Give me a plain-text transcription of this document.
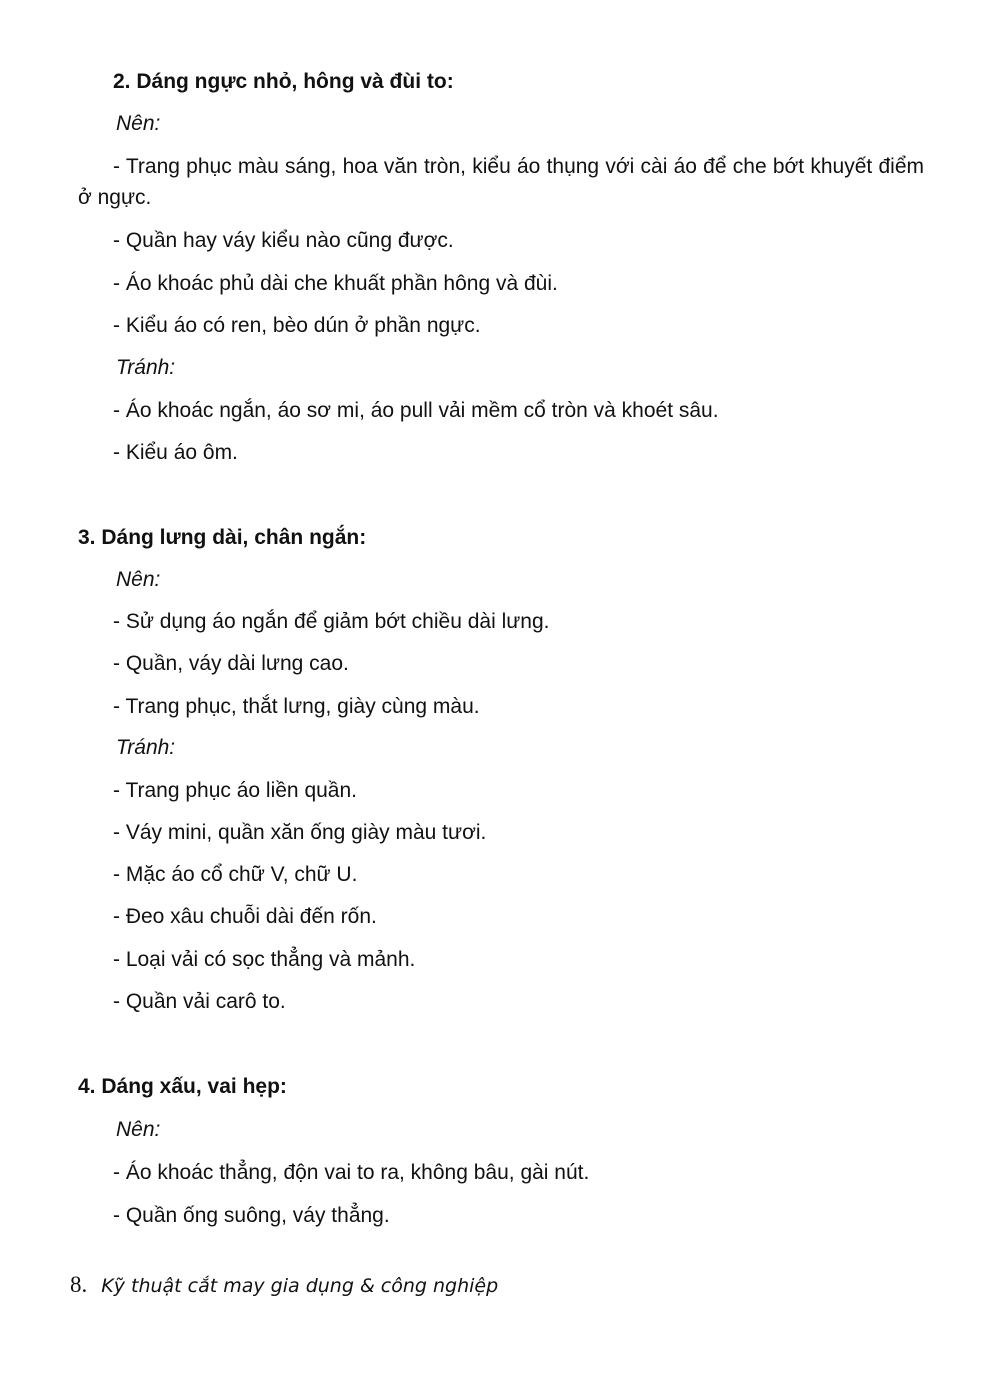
2. Dáng ngực nhỏ, hông và đùi to:
Nên:
- Trang phục màu sáng, hoa văn tròn, kiểu áo thụng với cài áo để che bớt khuyết điểm ở ngực.
- Quần hay váy kiểu nào cũng được.
- Áo khoác phủ dài che khuất phần hông và đùi.
- Kiểu áo có ren, bèo dún ở phần ngực.
Tránh:
- Áo khoác ngắn, áo sơ mi, áo pull vải mềm cổ tròn và khoét sâu.
- Kiểu áo ôm.
3. Dáng lưng dài, chân ngắn:
Nên:
- Sử dụng áo ngắn để giảm bớt chiều dài lưng.
- Quần, váy dài lưng cao.
- Trang phục, thắt lưng, giày cùng màu.
Tránh:
- Trang phục áo liền quần.
- Váy mini, quần xăn ống giày màu tươi.
- Mặc áo cổ chữ V, chữ U.
- Đeo xâu chuỗi dài đến rốn.
- Loại vải có sọc thẳng và mảnh.
- Quần vải carô to.
4. Dáng xấu, vai hẹp:
Nên:
- Áo khoác thẳng, độn vai to ra, không bâu, gài nút.
- Quần ống suông, váy thẳng.
8. Kỹ thuật cắt may gia dụng & công nghiệp
